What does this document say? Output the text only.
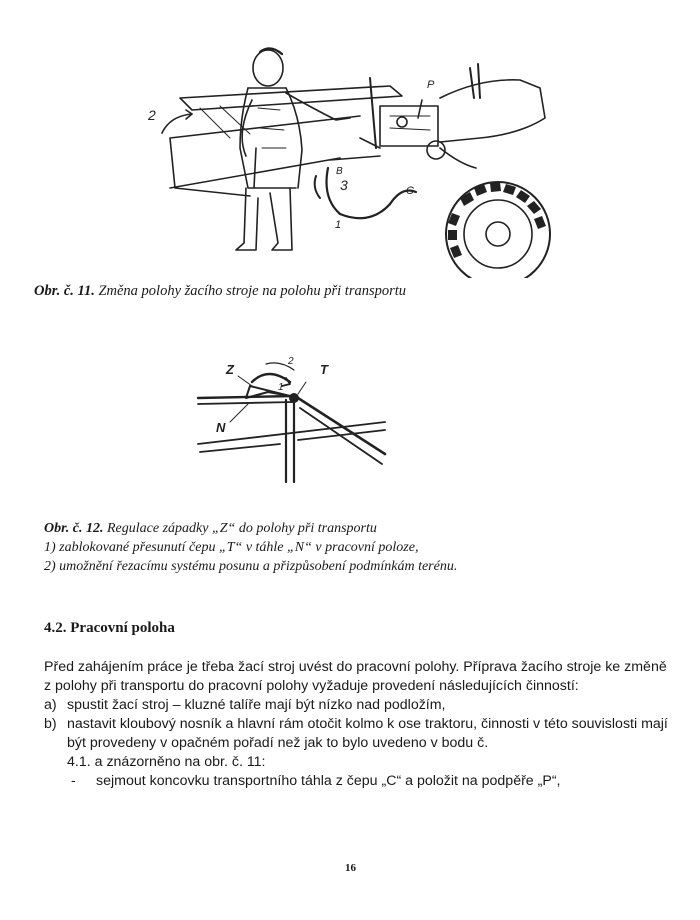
2
P
B
3	C
1
Obr. č. 11. Změna polohy žacího stroje na polohu při transportu
Z
2
T
1
N
Obr. č. 12. Regulace západky „Z“ do polohy při transportu
1) zablokované přesunutí čepu „T“ v táhle „N“ v pracovní poloze,
2) umožnění řezacímu systému posunu a přizpůsobení podmínkám terénu.
4.2. Pracovní poloha

Před zahájením práce je třeba žací stroj uvést do pracovní polohy. Příprava žacího stroje ke změně z polohy při transportu do pracovní polohy vyžaduje provedení následujících činností:

a) spustit žací stroj – kluzné talíře mají být nízko nad podložím,
b) nastavit kloubový nosník a hlavní rám otočit kolmo k ose traktoru, činnosti v této souvislosti mají být provedeny v opačném pořadí než jak to bylo uvedeno v bodu č.
4.1. a znázorněno na obr. č. 11:
- sejmout koncovku transportního táhla z čepu „C“ a položit na podpěře „P“,
16
